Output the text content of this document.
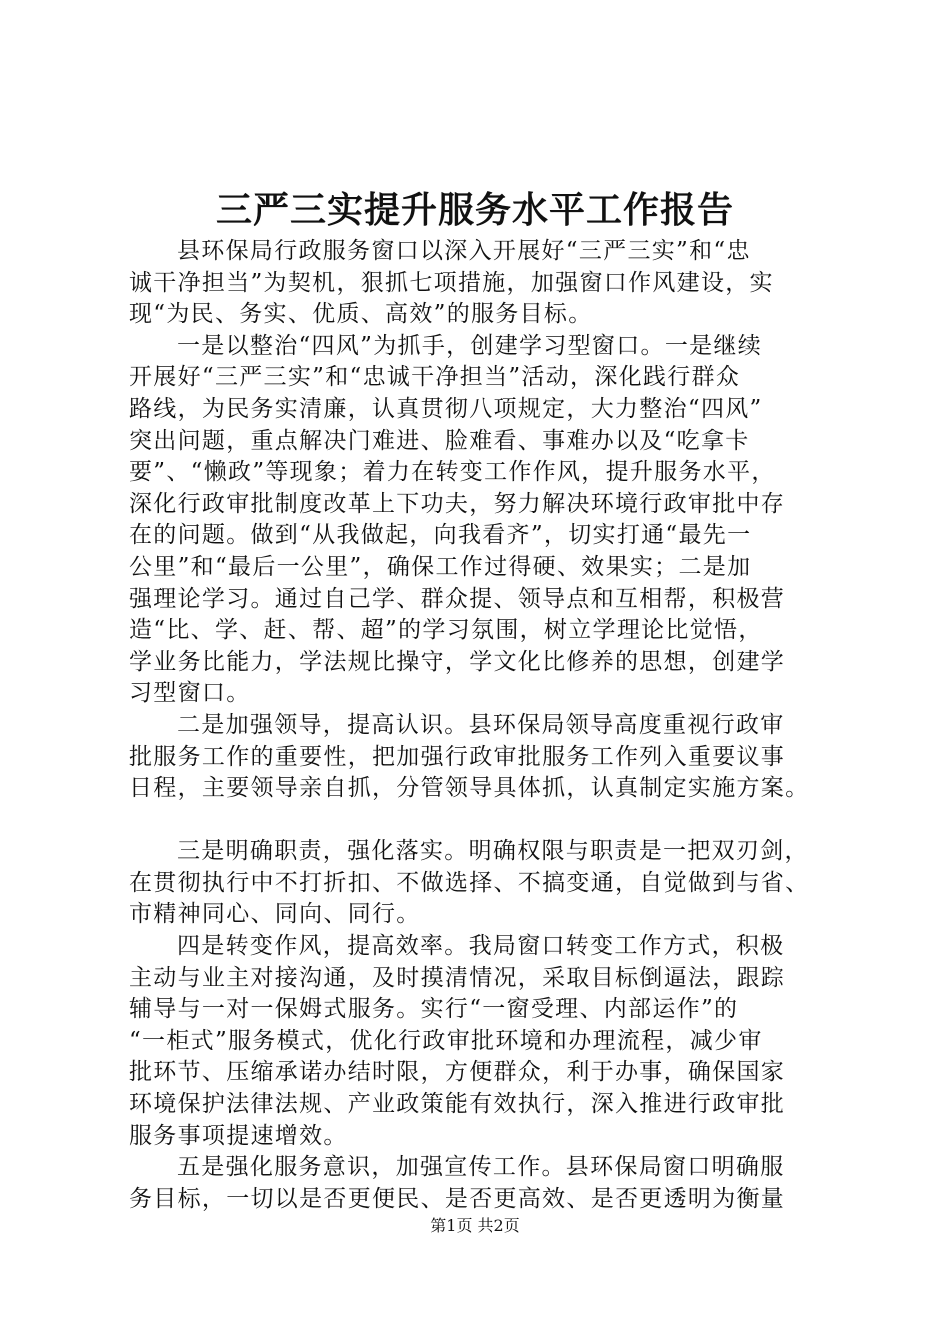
三严三实提升服务水平工作报告
县环保局行政服务窗口以深入开展好“三严三实”和“忠
诚干净担当”为契机，狠抓七项措施，加强窗口作风建设，实
现“为民、务实、优质、高效”的服务目标。
一是以整治“四风”为抓手，创建学习型窗口。一是继续
开展好“三严三实”和“忠诚干净担当”活动，深化践行群众
路线，为民务实清廉，认真贯彻八项规定，大力整治“四风”
突出问题，重点解决门难进、脸难看、事难办以及“吃拿卡
要”、“懒政”等现象；着力在转变工作作风，提升服务水平，
深化行政审批制度改革上下功夫，努力解决环境行政审批中存
在的问题。做到“从我做起，向我看齐”，切实打通“最先一
公里”和“最后一公里”，确保工作过得硬、效果实；二是加
强理论学习。通过自己学、群众提、领导点和互相帮，积极营
造“比、学、赶、帮、超”的学习氛围，树立学理论比觉悟，
学业务比能力，学法规比操守，学文化比修养的思想，创建学
习型窗口。
二是加强领导，提高认识。县环保局领导高度重视行政审
批服务工作的重要性，把加强行政审批服务工作列入重要议事
日程，主要领导亲自抓，分管领导具体抓，认真制定实施方案。
三是明确职责，强化落实。明确权限与职责是一把双刃剑，
在贯彻执行中不打折扣、不做选择、不搞变通，自觉做到与省、
市精神同心、同向、同行。
四是转变作风，提高效率。我局窗口转变工作方式，积极
主动与业主对接沟通，及时摸清情况，采取目标倒逼法，跟踪
辅导与一对一保姆式服务。实行“一窗受理、内部运作”的
“一柜式”服务模式，优化行政审批环境和办理流程，减少审
批环节、压缩承诺办结时限，方便群众，利于办事，确保国家
环境保护法律法规、产业政策能有效执行，深入推进行政审批
服务事项提速增效。
五是强化服务意识，加强宣传工作。县环保局窗口明确服
务目标，一切以是否更便民、是否更高效、是否更透明为衡量
第1页 共2页
